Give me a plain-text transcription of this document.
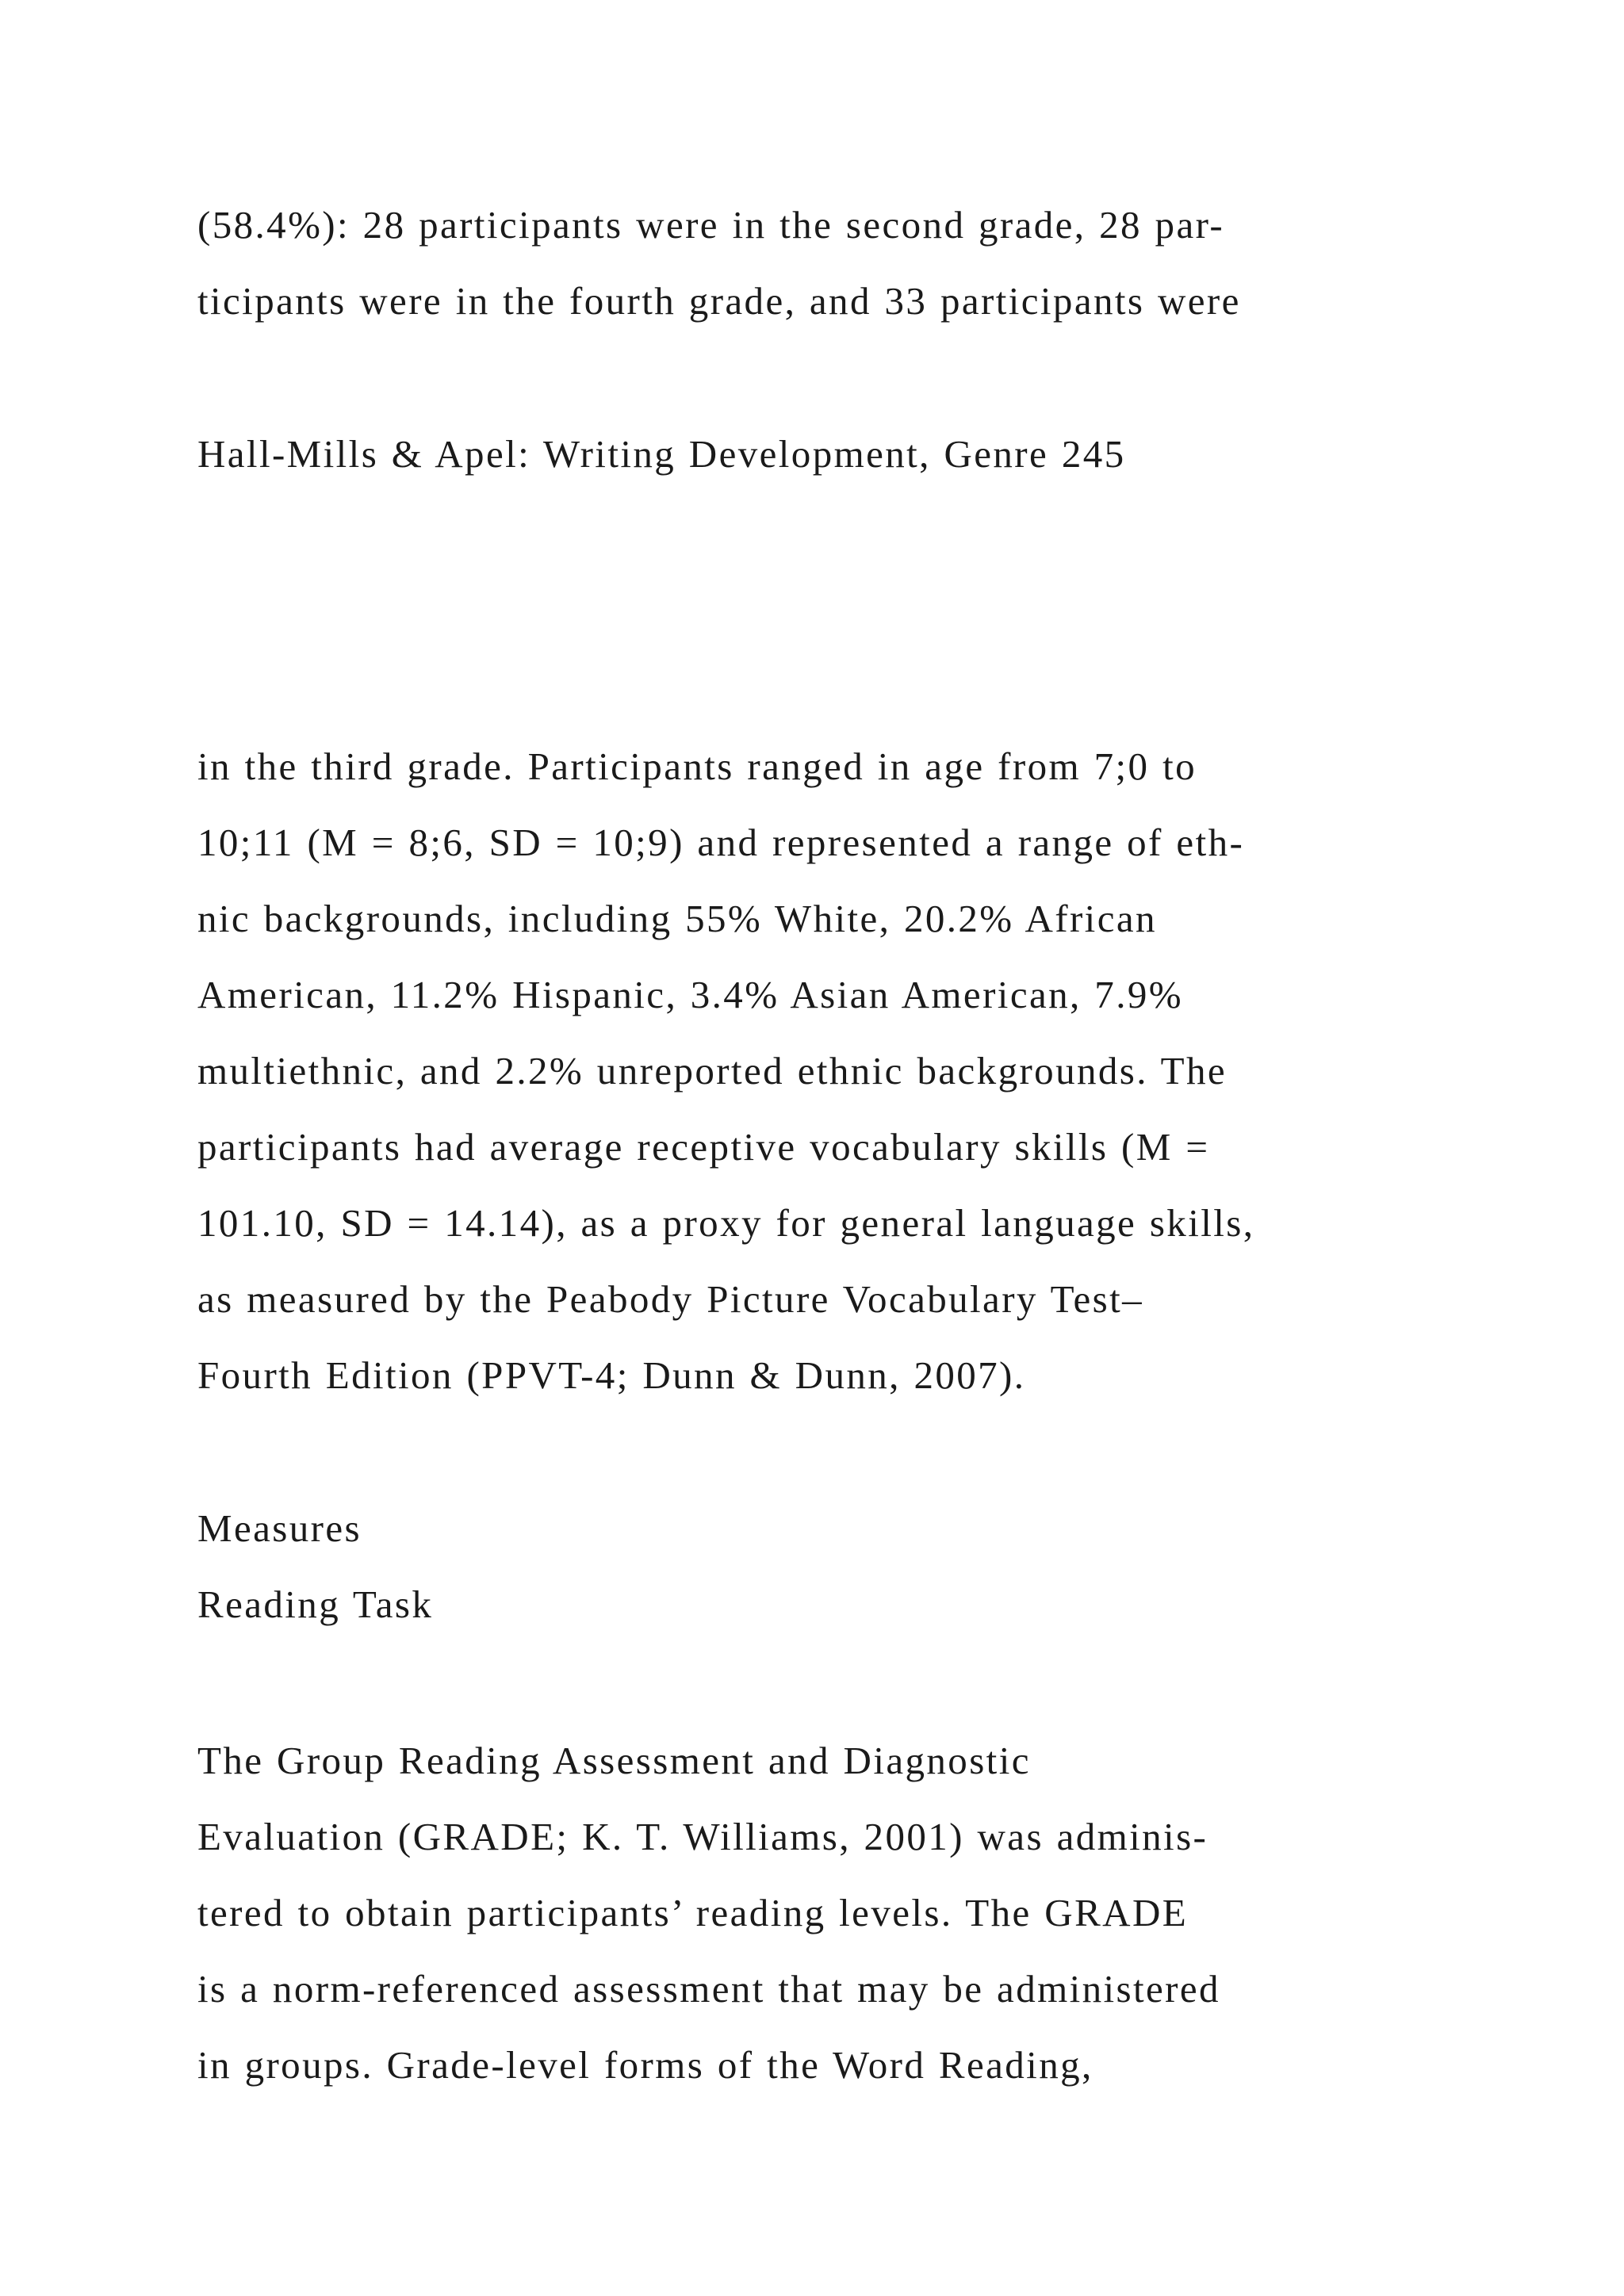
(58.4%): 28 participants were in the second grade, 28 par-
ticipants were in the fourth grade, and 33 participants were
Hall-Mills & Apel: Writing Development, Genre 245
in the third grade. Participants ranged in age from 7;0 to
10;11 (M = 8;6, SD = 10;9) and represented a range of eth-
nic backgrounds, including 55% White, 20.2% African
American, 11.2% Hispanic, 3.4% Asian American, 7.9%
multiethnic, and 2.2% unreported ethnic backgrounds. The
participants had average receptive vocabulary skills (M =
101.10, SD = 14.14), as a proxy for general language skills,
as measured by the Peabody Picture Vocabulary Test–
Fourth Edition (PPVT-4; Dunn & Dunn, 2007).
Measures
Reading Task
The Group Reading Assessment and Diagnostic
Evaluation (GRADE; K. T. Williams, 2001) was adminis-
tered to obtain participants’ reading levels. The GRADE
is a norm-referenced assessment that may be administered
in groups. Grade-level forms of the Word Reading,
